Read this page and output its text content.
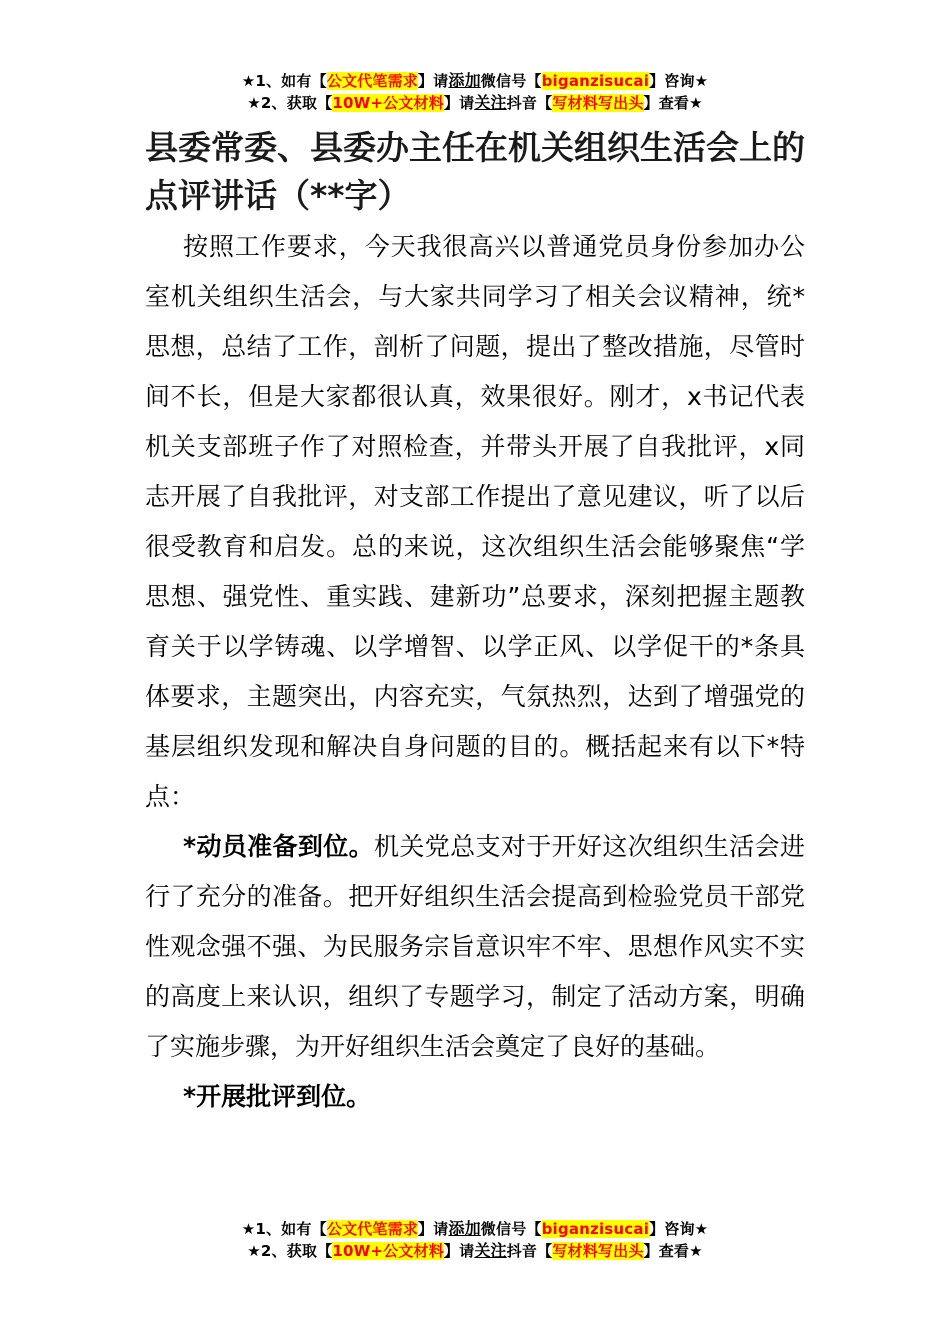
★1、如有【公文代笔需求】请添加微信号【biganzisucai】咨询★
★2、获取【10W+公文材料】请关注抖音【写材料写出头】查看★
县委常委、县委办主任在机关组织生活会上的点评讲话（**字）

按照工作要求，今天我很高兴以普通党员身份参加办公室机关组织生活会，与大家共同学习了相关会议精神，统*思想，总结了工作，剖析了问题，提出了整改措施，尽管时间不长，但是大家都很认真，效果很好。刚才，x书记代表机关支部班子作了对照检查，并带头开展了自我批评，x同志开展了自我批评，对支部工作提出了意见建议，听了以后很受教育和启发。总的来说，这次组织生活会能够聚焦“学思想、强党性、重实践、建新功”总要求，深刻把握主题教育关于以学铸魂、以学增智、以学正风、以学促干的*条具体要求，主题突出，内容充实，气氛热烈，达到了增强党的基层组织发现和解决自身问题的目的。概括起来有以下*特点：

*动员准备到位。机关党总支对于开好这次组织生活会进行了充分的准备。把开好组织生活会提高到检验党员干部党性观念强不强、为民服务宗旨意识牢不牢、思想作风实不实的高度上来认识，组织了专题学习，制定了活动方案，明确了实施步骤，为开好组织生活会奠定了良好的基础。

*开展批评到位。

★1、如有【公文代笔需求】请添加微信号【biganzisucai】咨询★
★2、获取【10W+公文材料】请关注抖音【写材料写出头】查看★
